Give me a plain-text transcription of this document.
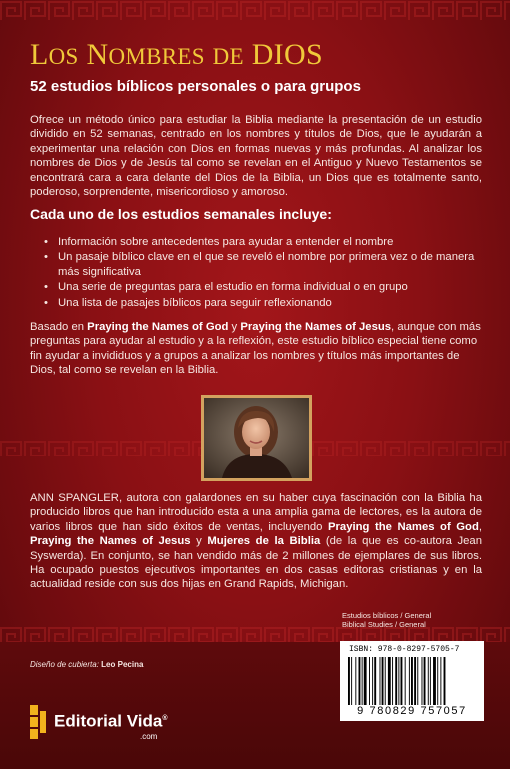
LOS NOMBRES DE DIOS

52 estudios bíblicos personales o para grupos

Ofrece un método único para estudiar la Biblia mediante la presentación de un estudio dividido en 52 semanas, centrado en los nombres y títulos de Dios, que le ayudarán a experimentar una relación con Dios en formas nuevas y más profundas. Al analizar los nombres de Dios y de Jesús tal como se revelan en el Antiguo y Nuevo Testamentos se encontrará cara a cara delante del Dios de la Biblia, un Dios que es totalmente santo, poderoso, sorprendente, misericordioso y amoroso.

Cada uno de los estudios semanales incluye:

• Información sobre antecedentes para ayudar a entender el nombre
• Un pasaje bíblico clave en el que se reveló el nombre por primera vez o de manera más significativa
• Una serie de preguntas para el estudio en forma individual o en grupo
• Una lista de pasajes bíblicos para seguir reflexionando

Basado en Praying the Names of God y Praying the Names of Jesus, aunque con más preguntas para ayudar al estudio y a la reflexión, este estudio bíblico especial tiene como fin ayudar a invididuos y a grupos a analizar los nombres y títulos más importantes de Dios, tal como se revelan en la Biblia.

ANN SPANGLER, autora con galardones en su haber cuya fascinación con la Biblia ha producido libros que han introducido esta a una amplia gama de lectores, es la autora de varios libros que han sido éxitos de ventas, incluyendo Praying the Names of God, Praying the Names of Jesus y Mujeres de la Biblia (de la que es co-autora Jean Syswerda). En conjunto, se han vendido más de 2 millones de ejemplares de sus libros. Ha ocupado puestos ejecutivos importantes en dos casas editoras cristianas y en la actualidad reside con sus dos hijas en Grand Rapids, Michigan.

Estudios bíblicos / General
Biblical Studies / General

Diseño de cubierta: Leo Pecina

Editorial Vida®
.com
ISBN: 978-0-8297-5705-7
9 780829 757057
